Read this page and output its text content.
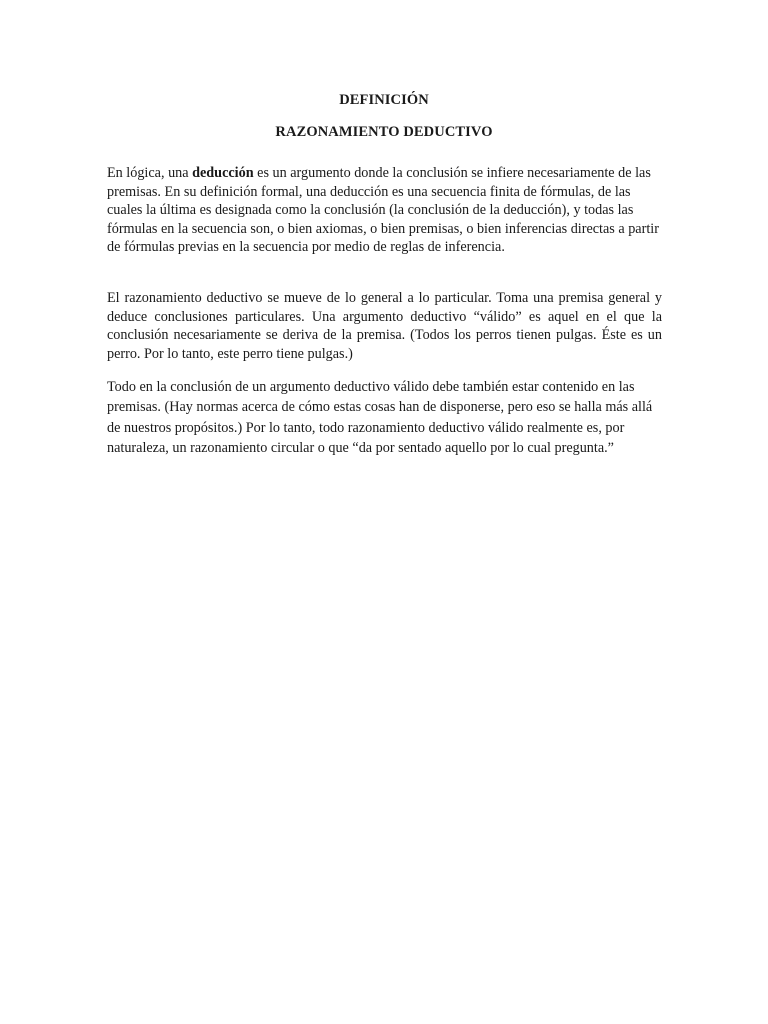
DEFINICIÓN
RAZONAMIENTO DEDUCTIVO

En lógica, una deducción es un argumento donde la conclusión se infiere necesariamente de las premisas. En su definición formal, una deducción es una secuencia finita de fórmulas, de las cuales la última es designada como la conclusión (la conclusión de la deducción), y todas las fórmulas en la secuencia son, o bien axiomas, o bien premisas, o bien inferencias directas a partir de fórmulas previas en la secuencia por medio de reglas de inferencia.

El razonamiento deductivo se mueve de lo general a lo particular. Toma una premisa general y deduce conclusiones particulares. Una argumento deductivo “válido” es aquel en el que la conclusión necesariamente se deriva de la premisa. (Todos los perros tienen pulgas. Éste es un perro. Por lo tanto, este perro tiene pulgas.)

Todo en la conclusión de un argumento deductivo válido debe también estar contenido en las premisas. (Hay normas acerca de cómo estas cosas han de disponerse, pero eso se halla más allá de nuestros propósitos.) Por lo tanto, todo razonamiento deductivo válido realmente es, por naturaleza, un razonamiento circular o que “da por sentado aquello por lo cual pregunta.”
